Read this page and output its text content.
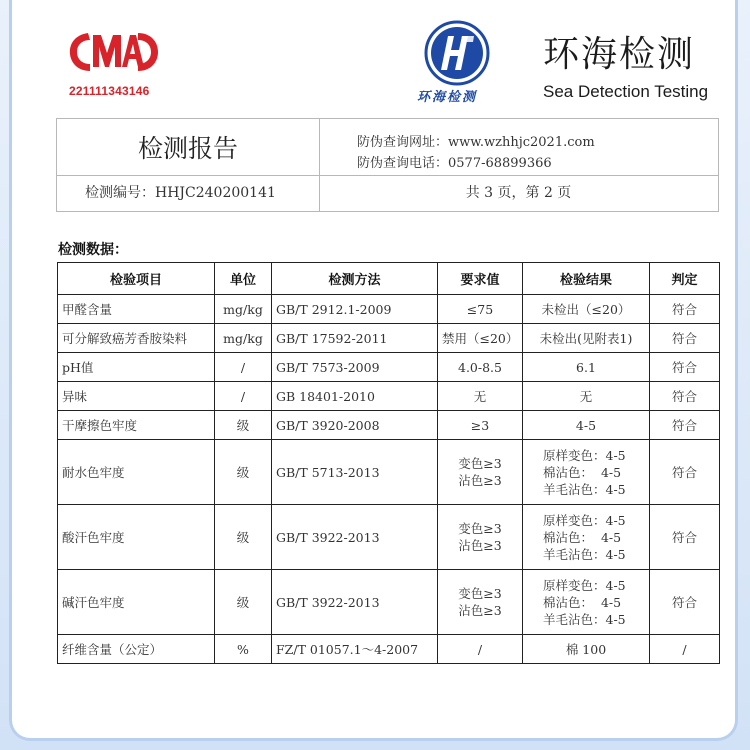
221111343146	环海检测
环海检测
Sea Detection Testing
检测报告	防伪查询网址：www.wzhhjc2021.com
防伪查询电话：0577-68899366
检测编号：HHJC240200141	共 3 页，第 2 页
检测数据：
检验项目	单位	检测方法	要求值	检验结果	判定
甲醛含量	mg/kg	GB/T 2912.1-2009	≤75	未检出（≤20）	符合
可分解致癌芳香胺染料	mg/kg	GB/T 17592-2011	禁用（≤20）	未检出(见附表1)	符合
pH值	/	GB/T 7573-2009	4.0-8.5	6.1	符合
异味	/	GB 18401-2010	无	无	符合
干摩擦色牢度	级	GB/T 3920-2008	≥3	4-5	符合
耐水色牢度	级	GB/T 5713-2013	变色≥3
沾色≥3	原样变色：4-5
棉沾色：  4-5
羊毛沾色：4-5	符合
酸汗色牢度	级	GB/T 3922-2013	变色≥3
沾色≥3	原样变色：4-5
棉沾色：  4-5
羊毛沾色：4-5	符合
碱汗色牢度	级	GB/T 3922-2013	变色≥3
沾色≥3	原样变色：4-5
棉沾色：  4-5
羊毛沾色：4-5	符合
纤维含量（公定）	%	FZ/T 01057.1～4-2007	/	棉 100	/
